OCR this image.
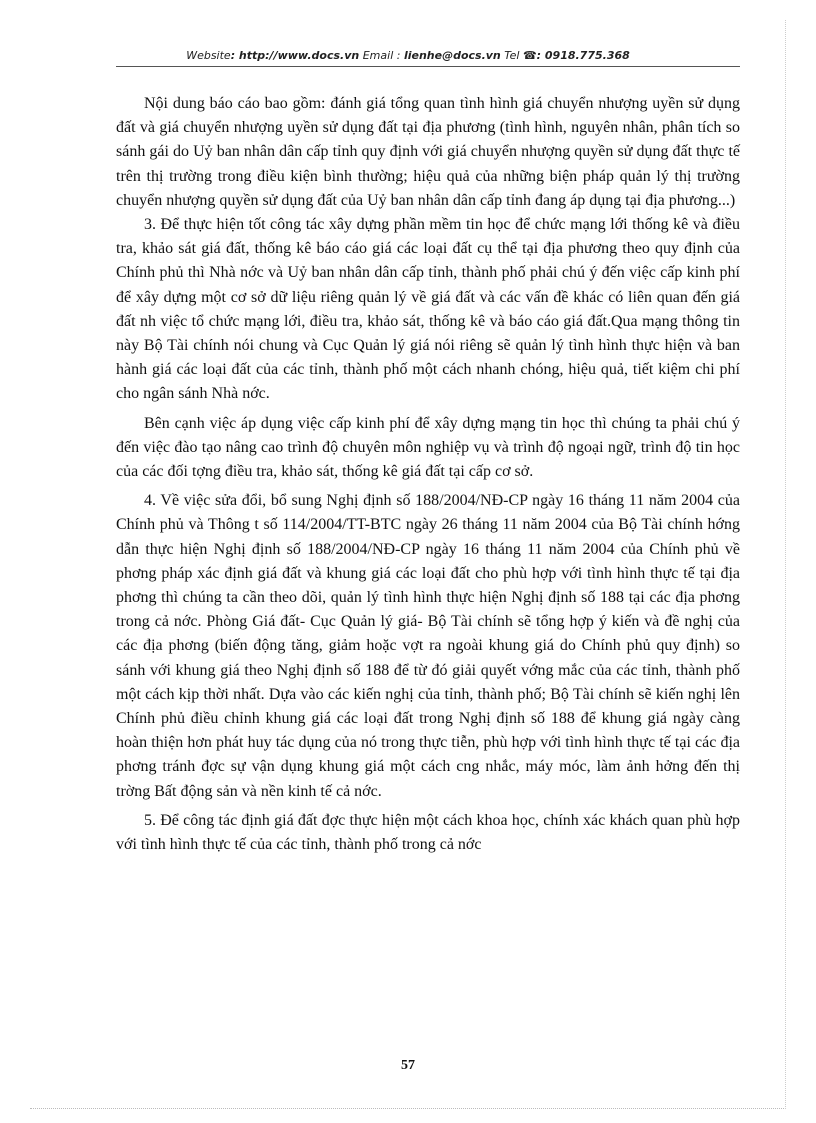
Website: http://www.docs.vn Email : lienhe@docs.vn Tel ☎: 0918.775.368

Nội dung báo cáo bao gồm: đánh giá tổng quan tình hình giá chuyển nhượng uyền sử dụng đất và giá chuyển nhượng uyền sử dụng đất tại địa phương (tình hình, nguyên nhân, phân tích so sánh gái do Uỷ ban nhân dân cấp tỉnh quy định với giá chuyển nhượng quyền sử dụng đất thực tế trên thị trường trong điều kiện bình thường; hiệu quả của những biện pháp quản lý thị trường chuyển nhượng quyền sử dụng đất của Uỷ ban nhân dân cấp tỉnh đang áp dụng tại địa phương...)

3. Để thực hiện tốt công tác xây dựng phần mềm tin học để chức mạng lới thống kê và điều tra, khảo sát giá đất, thống kê báo cáo giá các loại đất cụ thể tại địa phương theo quy định của Chính phủ thì Nhà nớc và Uỷ ban nhân dân cấp tỉnh, thành phố phải chú ý đến việc cấp kinh phí để xây dựng một cơ sở dữ liệu riêng quản lý về giá đất và các vấn đề khác có liên quan đến giá đất nh việc tổ chức mạng lới, điều tra, khảo sát, thống kê và báo cáo giá đất.Qua mạng thông tin này Bộ Tài chính nói chung và Cục Quản lý giá nói riêng sẽ quản lý tình hình thực hiện và ban hành giá các loại đất của các tỉnh, thành phố một cách nhanh chóng, hiệu quả, tiết kiệm chi phí cho ngân sánh Nhà nớc.

Bên cạnh việc áp dụng việc cấp kinh phí để xây dựng mạng tin học thì chúng ta phải chú ý đến việc đào tạo nâng cao trình độ chuyên môn nghiệp vụ và trình độ ngoại ngữ, trình độ tin học của các đối tợng điều tra, khảo sát, thống kê giá đất tại cấp cơ sở.

4. Về việc sửa đổi, bổ sung Nghị định số 188/2004/NĐ-CP ngày 16 tháng 11 năm 2004 của Chính phủ và Thông t số 114/2004/TT-BTC ngày 26 tháng 11 năm 2004 của Bộ Tài chính hớng dẫn thực hiện Nghị định số 188/2004/NĐ-CP ngày 16 tháng 11 năm 2004 của Chính phủ về phơng pháp xác định giá đất và khung giá các loại đất cho phù hợp với tình hình thực tế tại địa phơng thì chúng ta cần theo dõi, quản lý tình hình thực hiện Nghị định số 188 tại các địa phơng trong cả nớc. Phòng Giá đất- Cục Quản lý giá- Bộ Tài chính sẽ tổng hợp ý kiến và đề nghị của các địa phơng (biến động tăng, giảm hoặc vợt ra ngoài khung giá do Chính phủ quy định) so sánh với khung giá theo Nghị định số 188 để từ đó giải quyết vớng mắc của các tỉnh, thành phố một cách kịp thời nhất. Dựa vào các kiến nghị của tỉnh, thành phố; Bộ Tài chính sẽ kiến nghị lên Chính phủ điều chỉnh khung giá các loại đất trong Nghị định số 188 để khung giá ngày càng hoàn thiện hơn phát huy tác dụng của nó trong thực tiễn, phù hợp với tình hình thực tế tại các địa phơng tránh đợc sự vận dụng khung giá một cách cng nhắc, máy móc, làm ảnh hởng đến thị trờng Bất động sản và nền kinh tế cả nớc.

5. Để công tác định giá đất đợc thực hiện một cách khoa học, chính xác khách quan phù hợp với tình hình thực tế của các tỉnh, thành phố trong cả nớc

57
